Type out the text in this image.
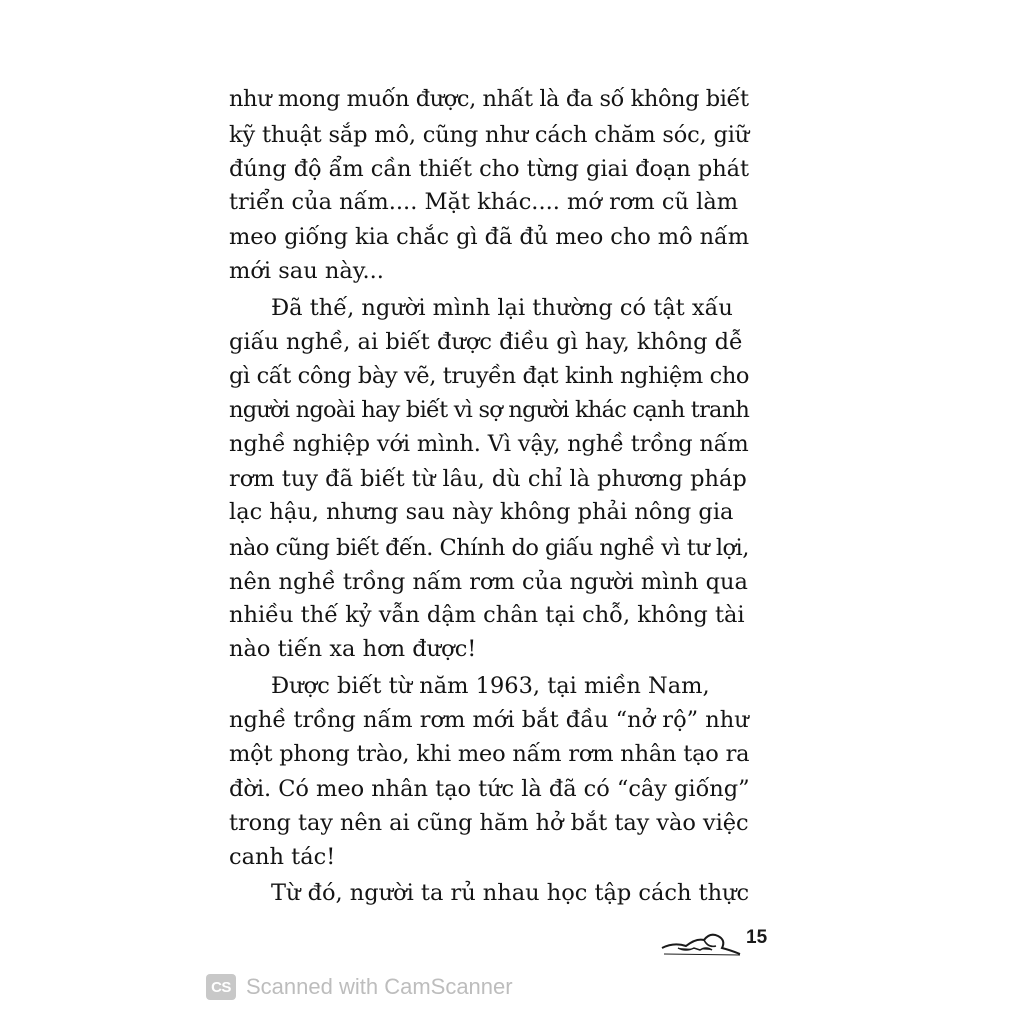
như mong muốn được, nhất là đa số không biết
kỹ thuật sắp mô, cũng như cách chăm sóc, giữ
đúng độ ẩm cần thiết cho từng giai đoạn phát
triển của nấm.... Mặt khác.... mớ rơm cũ làm
meo giống kia chắc gì đã đủ meo cho mô nấm
mới sau này...
Đã thế, người mình lại thường có tật xấu
giấu nghề, ai biết được điều gì hay, không dễ
gì cất công bày vẽ, truyền đạt kinh nghiệm cho
người ngoài hay biết vì sợ người khác cạnh tranh
nghề nghiệp với mình. Vì vậy, nghề trồng nấm
rơm tuy đã biết từ lâu, dù chỉ là phương pháp
lạc hậu, nhưng sau này không phải nông gia
nào cũng biết đến. Chính do giấu nghề vì tư lợi,
nên nghề trồng nấm rơm của người mình qua
nhiều thế kỷ vẫn dậm chân tại chỗ, không tài
nào tiến xa hơn được!
Được biết từ năm 1963, tại miền Nam,
nghề trồng nấm rơm mới bắt đầu “nở rộ” như
một phong trào, khi meo nấm rơm nhân tạo ra
đời. Có meo nhân tạo tức là đã có “cây giống”
trong tay nên ai cũng hăm hở bắt tay vào việc
canh tác!
Từ đó, người ta rủ nhau học tập cách thực
15
CS Scanned with CamScanner
